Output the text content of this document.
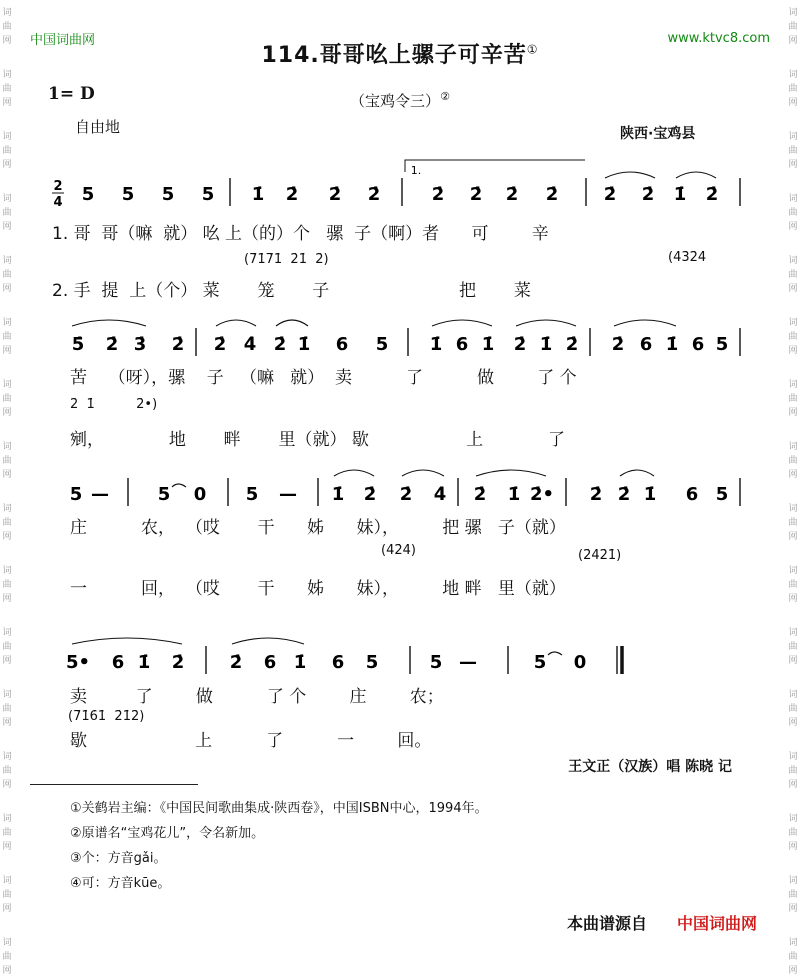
词
曲
网
词
曲
网
词
曲
网
词
曲
网
词
曲
网
词
曲
网
词
曲
网
词
曲
网
词
曲
网
词
曲
网
词
曲
网
词
曲
网
词
曲
网
词
曲
网
词
曲
网
词
曲
网
词
曲
网
词
曲
网
词
曲
网
词
曲
网
词
曲
网
词
曲
网
词
曲
网
词
曲
网
词
曲
网
词
曲
网
词
曲
网
词
曲
网
词
曲
网
词
曲
网
词
曲
网
词
曲
网
中国词曲网	www.ktvc8.com
114.哥哥吆上骡子可辛苦①
1= D	（宝鸡令三）②
自由地	陕西·宝鸡县
2
4
1.
5 5 5 5 1̇ 2̇ 2̇ 2̇	2̇ 2̇ 2̇ 2̇	2̇ 2̇ 1̇ 2̇
5̇ 2̇ 3̇ 2̇ 2̇ 4̇ 2̇ 1̇ 6 5 1̇ 6 1̇ 2̇ 1̇ 2̇ 2̇ 6 1̇ 6 5
5 —	5 0 5 — 1̇ 2̇ 2̇ 4̇ 2̇ 1̇ 2̇• 2̇ 2̇ 1̇ 6 5
5• 6 1̇ 2̇	2̇ 6 1̇ 6 5	5 —	5 0
1. 哥  哥（嘛  就） 吆 上（的）个   骡  子（啊）者      可        辛
(7̇1̇7̇1̇  2̇1̇  2̇)	(4̇3̇2̇4̇
2. 手  提  上（个） 菜       笼       子                        把       菜
苦    （呀），骡    子   （嘛   就）  卖          了          做        了 个
2̇  1̇          2̇•)
剜，            地       畔       里（就） 歇                  上            了
庄          农，  （哎       干      姊      妹），        把 骡   子（就）
(4̇2̇4̇)	(2̇4̇2̇1̇)
一          回，  （哎       干      姊      妹），        地 畔   里（就）
卖         了        做          了 个        庄        农；
(7̇1̇6̇1̇  2̇1̇2̇)
歇                    上          了          一        回。
王文正（汉族）唱 陈晓 记
①关鹤岩主编：《中国民间歌曲集成·陕西卷》，中国ISBN中心，1994年。
②原谱名“宝鸡花儿”，令名新加。
③个：方音gǎi。
④可：方音kūe。
本曲谱源自 中国词曲网
